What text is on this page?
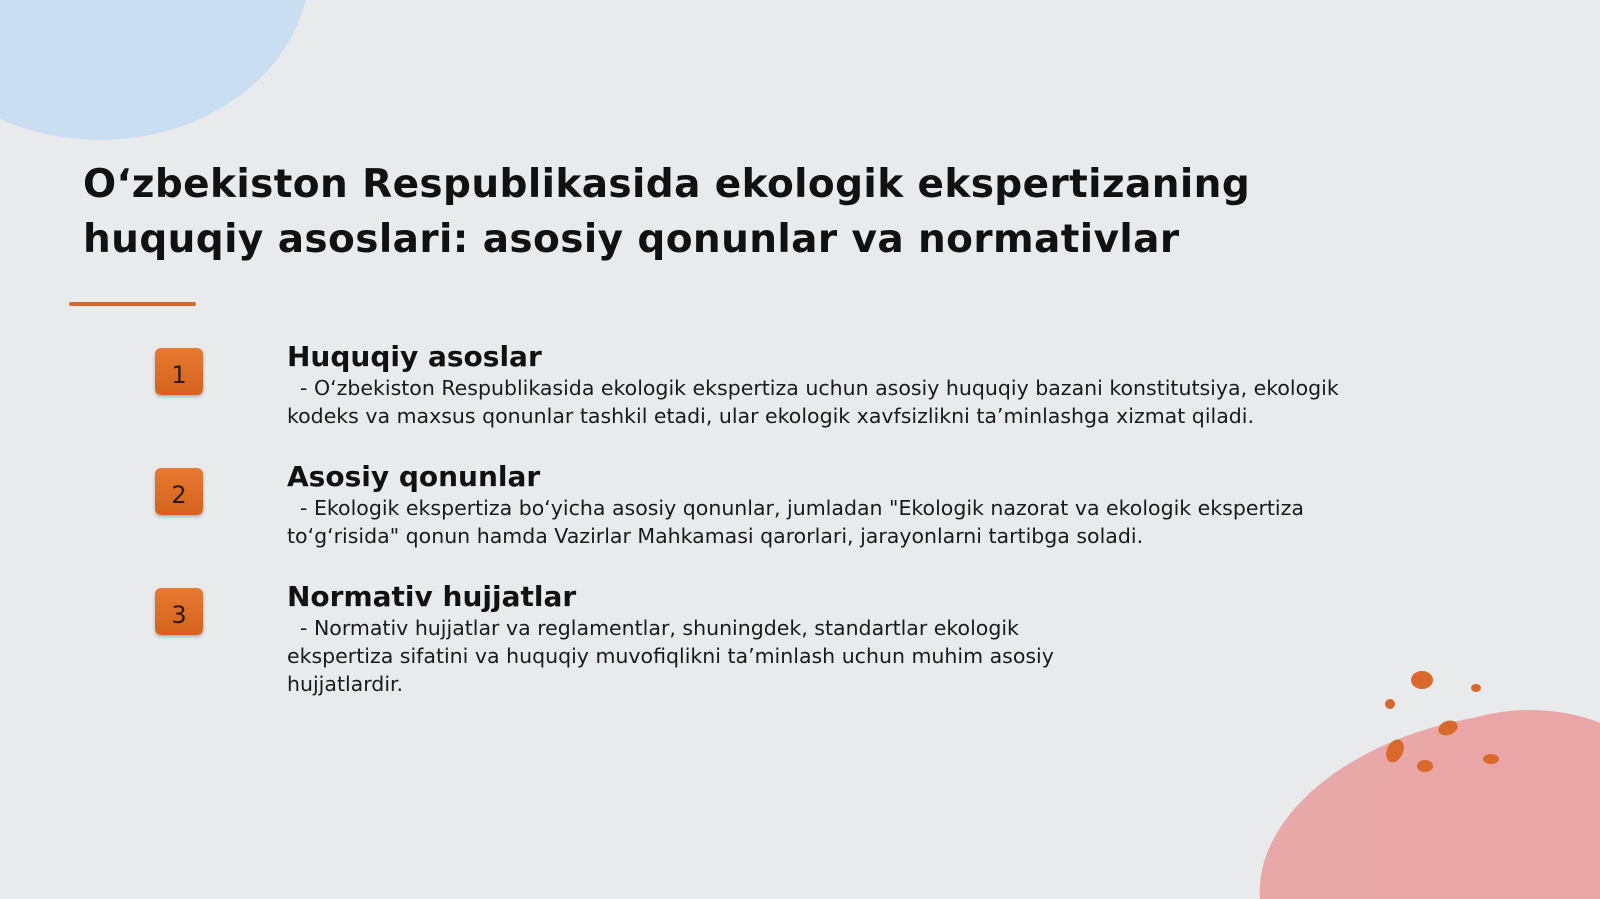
O‘zbekiston Respublikasida ekologik ekspertizaning huquqiy asoslari: asosiy qonunlar va normativlar
1
Huquqiy asoslar

- O‘zbekiston Respublikasida ekologik ekspertiza uchun asosiy huquqiy bazani konstitutsiya, ekologik kodeks va maxsus qonunlar tashkil etadi, ular ekologik xavfsizlikni ta’minlashga xizmat qiladi.

2
Asosiy qonunlar

- Ekologik ekspertiza bo‘yicha asosiy qonunlar, jumladan "Ekologik nazorat va ekologik ekspertiza to‘g‘risida" qonun hamda Vazirlar Mahkamasi qarorlari, jarayonlarni tartibga soladi.

3
Normativ hujjatlar

- Normativ hujjatlar va reglamentlar, shuningdek, standartlar ekologik
ekspertiza sifatini va huquqiy muvofiqlikni ta’minlash uchun muhim asosiy
hujjatlardir.
